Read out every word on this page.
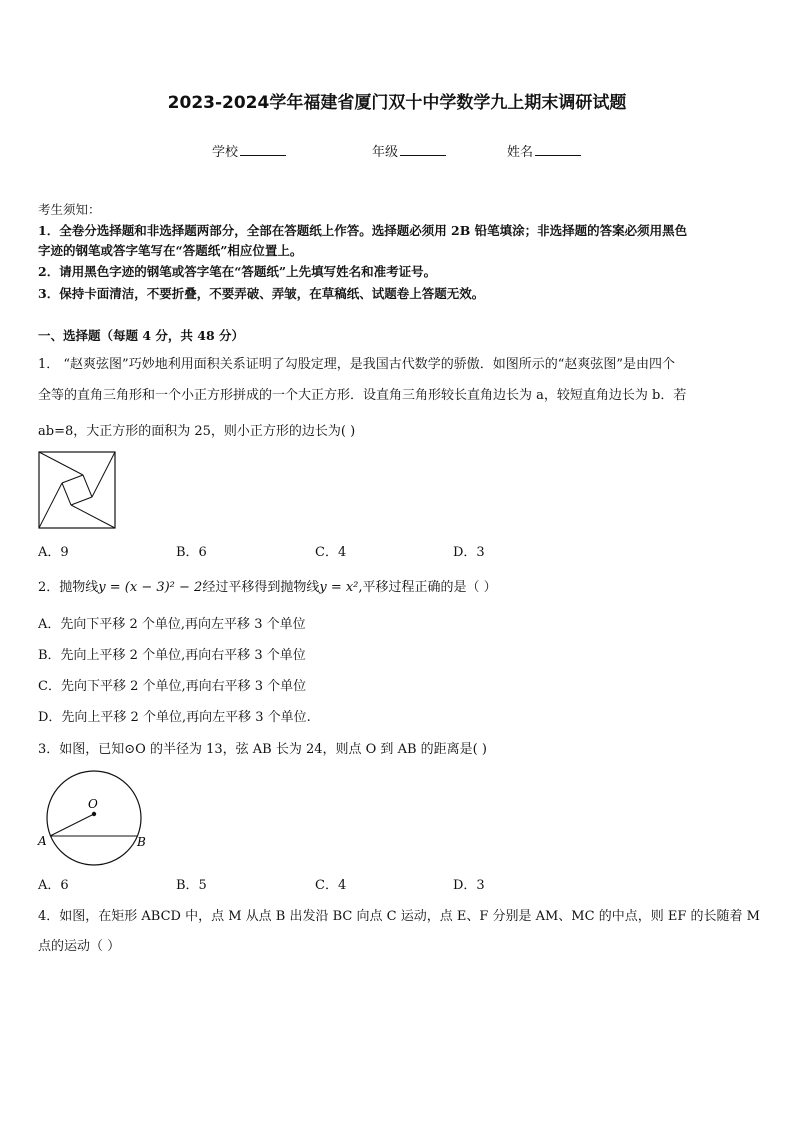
2023-2024学年福建省厦门双十中学数学九上期末调研试题
学校	年级	姓名
考生须知：
1．全卷分选择题和非选择题两部分，全部在答题纸上作答。选择题必须用 2B 铅笔填涂；非选择题的答案必须用黑色
字迹的钢笔或答字笔写在“答题纸”相应位置上。
2．请用黑色字迹的钢笔或答字笔在“答题纸”上先填写姓名和准考证号。
3．保持卡面清洁，不要折叠，不要弄破、弄皱，在草稿纸、试题卷上答题无效。
一、选择题（每题 4 分，共 48 分）
1． “赵爽弦图”巧妙地利用面积关系证明了勾股定理，是我国古代数学的骄傲．如图所示的“赵爽弦图”是由四个
全等的直角三角形和一个小正方形拼成的一个大正方形．设直角三角形较长直角边长为 a，较短直角边长为 b．若
ab=8，大正方形的面积为 25，则小正方形的边长为( )
A．9	B．6	C．4	D．3
2．抛物线y = (x − 3)² − 2经过平移得到抛物线y = x²,平移过程正确的是（ ）
A．先向下平移 2 个单位,再向左平移 3 个单位
B．先向上平移 2 个单位,再向右平移 3 个单位
C．先向下平移 2 个单位,再向右平移 3 个单位
D．先向上平移 2 个单位,再向左平移 3 个单位.
3．如图，已知⊙O 的半径为 13，弦 AB 长为 24，则点 O 到 AB 的距离是( )
O
A	B
A．6	B．5	C．4	D．3
4．如图，在矩形 ABCD 中，点 M 从点 B 出发沿 BC 向点 C 运动，点 E、F 分别是 AM、MC 的中点，则 EF 的长随着 M
点的运动（ ）
